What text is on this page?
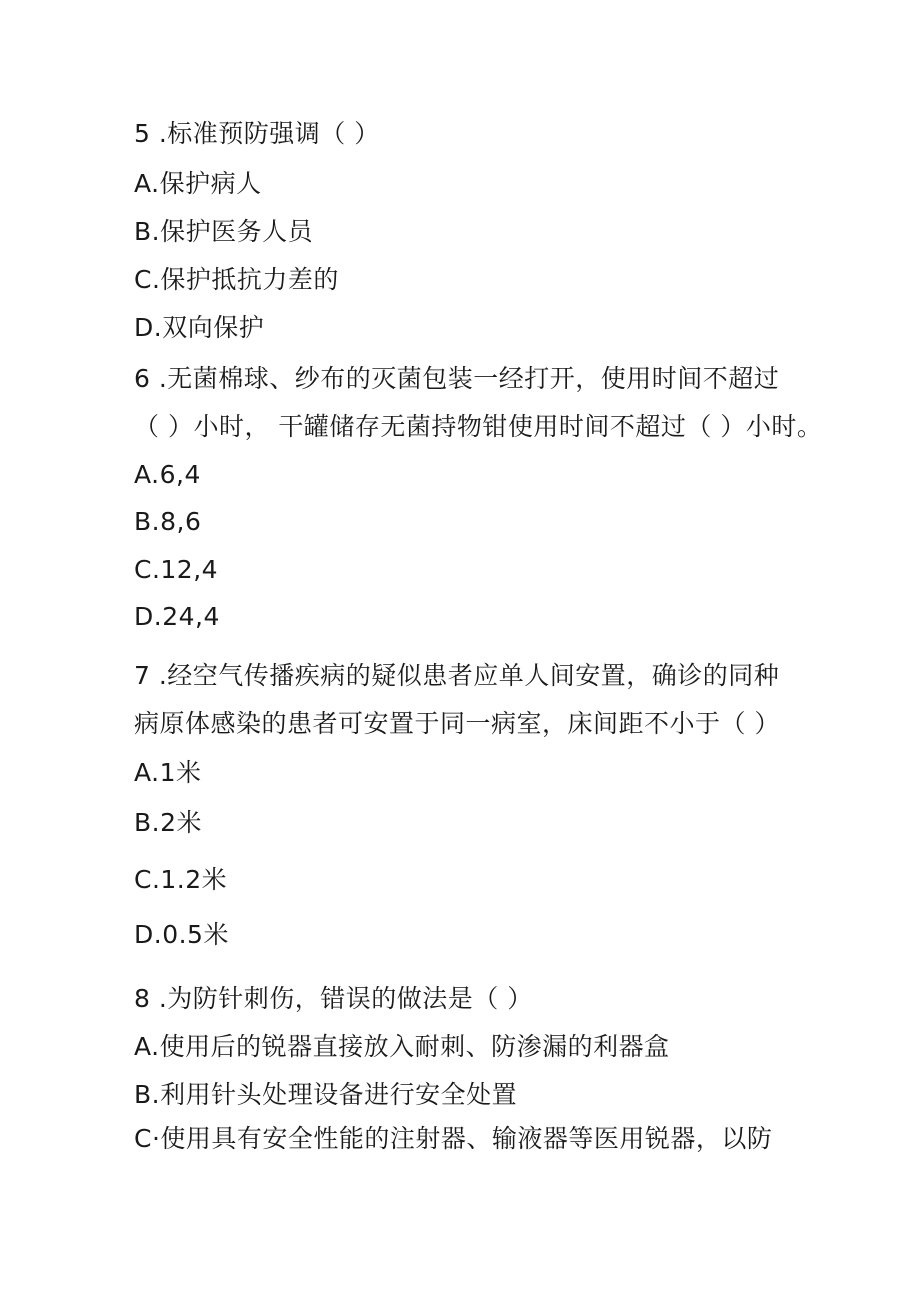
5 .标准预防强调（ ）
A.保护病人
B.保护医务人员
C.保护抵抗力差的
D.双向保护
6 .无菌棉球、纱布的灭菌包装一经打开，使用时间不超过
（ ）小时， 干罐储存无菌持物钳使用时间不超过（ ）小时。
A.6,4
B.8,6
C.12,4
D.24,4
7 .经空气传播疾病的疑似患者应单人间安置，确诊的同种
病原体感染的患者可安置于同一病室，床间距不小于（ ）
A.1米
B.2米
C.1.2米
D.0.5米
8 .为防针刺伤，错误的做法是（ ）
A.使用后的锐器直接放入耐刺、防渗漏的利器盒
B.利用针头处理设备进行安全处置
C·使用具有安全性能的注射器、输液器等医用锐器，以防
